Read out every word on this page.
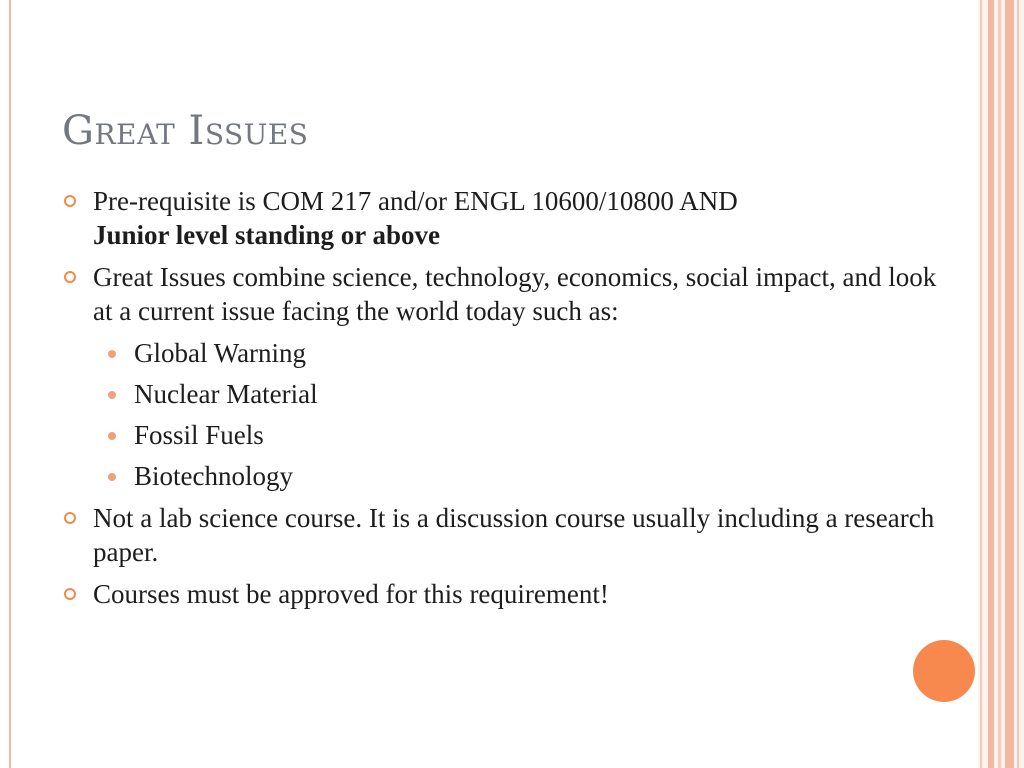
Great Issues
Pre-requisite is COM 217 and/or ENGL 10600/10800 AND
Junior level standing or above
Great Issues combine science, technology, economics, social impact, and look at a current issue facing the world today such as:
Global Warning
Nuclear Material
Fossil Fuels
Biotechnology
Not a lab science course. It is a discussion course usually including a research paper.
Courses must be approved for this requirement!
